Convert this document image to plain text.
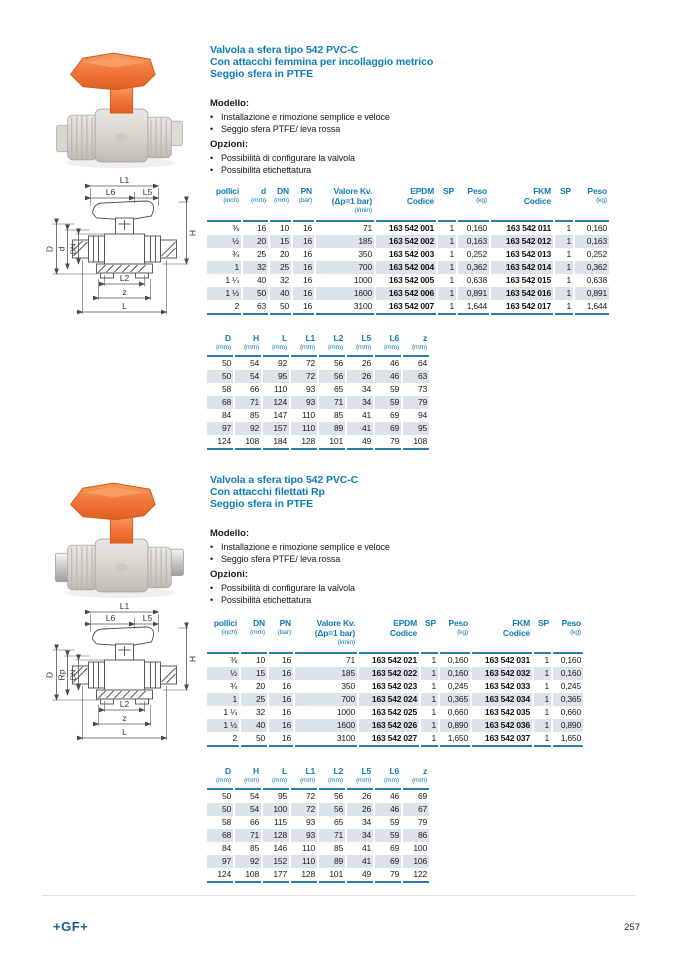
Valvola a sfera tipo 542 PVC-C
Con attacchi femmina per incollaggio metrico
Seggio sfera in PTFE
Modello:
• Installazione e rimozione semplice e veloce
• Seggio sfera PTFE/ leva rossa
Opzioni:
• Possibilità di configurare la valvola
• Possibilità etichettatura
L1
L6	L5
H
D d DN
L2
z
L
pollici
(inch)

d
(mm)

DN
(mm)

PN
(bar)

Valore Kv.
(Δp=1 bar)
(l/min)

EPDM
Codice

SP	Peso
(kg)

FKM
Codice

SP	Peso
(kg)

⅜	16	10	16	71	163 542 001	1	0,160	163 542 011	1	0,160
½	20	15	16	185	163 542 002	1	0,163	163 542 012	1	0,163
¾	25	20	16	350	163 542 003	1	0,252	163 542 013	1	0,252
1	32	25	16	700	163 542 004	1	0,362	163 542 014	1	0,362
1 ¼	40	32	16	1000	163 542 005	1	0,638	163 542 015	1	0,638
1 ½	50	40	16	1600	163 542 006	1	0,891	163 542 016	1	0,891
2	63	50	16	3100	163 542 007	1	1,644	163 542 017	1	1,644
D
(mm)

H
(mm)

L
(mm)

L1
(mm)

L2
(mm)

L5
(mm)

L6
(mm)

z
(mm)

50	54	92	72	56	26	46	64
50	54	95	72	56	26	46	63
58	66	110	93	65	34	59	73
68	71	124	93	71	34	59	79
84	85	147	110	85	41	69	94
97	92	157	110	89	41	69	95
124	108	184	128	101	49	79	108
Valvola a sfera tipo 542 PVC-C
Con attacchi filettati Rp
Seggio sfera in PTFE
Modello:
• Installazione e rimozione semplice e veloce
• Seggio sfera PTFE/ leva rossa
Opzioni:
• Possibilità di configurare la valvola
• Possibilità etichettatura
L1
L6	L5
H
D Rp DN
L2
z
L
pollici
(inch)

DN
(mm)

PN
(bar)

Valore Kv.
(Δp=1 bar)
(l/min)

EPDM
Codice

SP	Peso
(kg)

FKM
Codice

SP	Peso
(kg)

⅜	10	16	71	163 542 021	1	0,160	163 542 031	1	0,160
½	15	16	185	163 542 022	1	0,160	163 542 032	1	0,160
¾	20	16	350	163 542 023	1	0,245	163 542 033	1	0,245
1	25	16	700	163 542 024	1	0,365	163 542 034	1	0,365
1 ¼	32	16	1000	163 542 025	1	0,660	163 542 035	1	0,660
1 ½	40	16	1600	163 542 026	1	0,890	163 542 036	1	0,890
2	50	16	3100	163 542 027	1	1,650	163 542 037	1	1,650
D
(mm)

H
(mm)

L
(mm)

L1
(mm)

L2
(mm)

L5
(mm)

L6
(mm)

z
(mm)

50	54	95	72	56	26	46	69
50	54	100	72	56	26	46	67
58	66	115	93	65	34	59	79
68	71	128	93	71	34	59	86
84	85	146	110	85	41	69	100
97	92	152	110	89	41	69	106
124	108	177	128	101	49	79	122
+GF+	257
